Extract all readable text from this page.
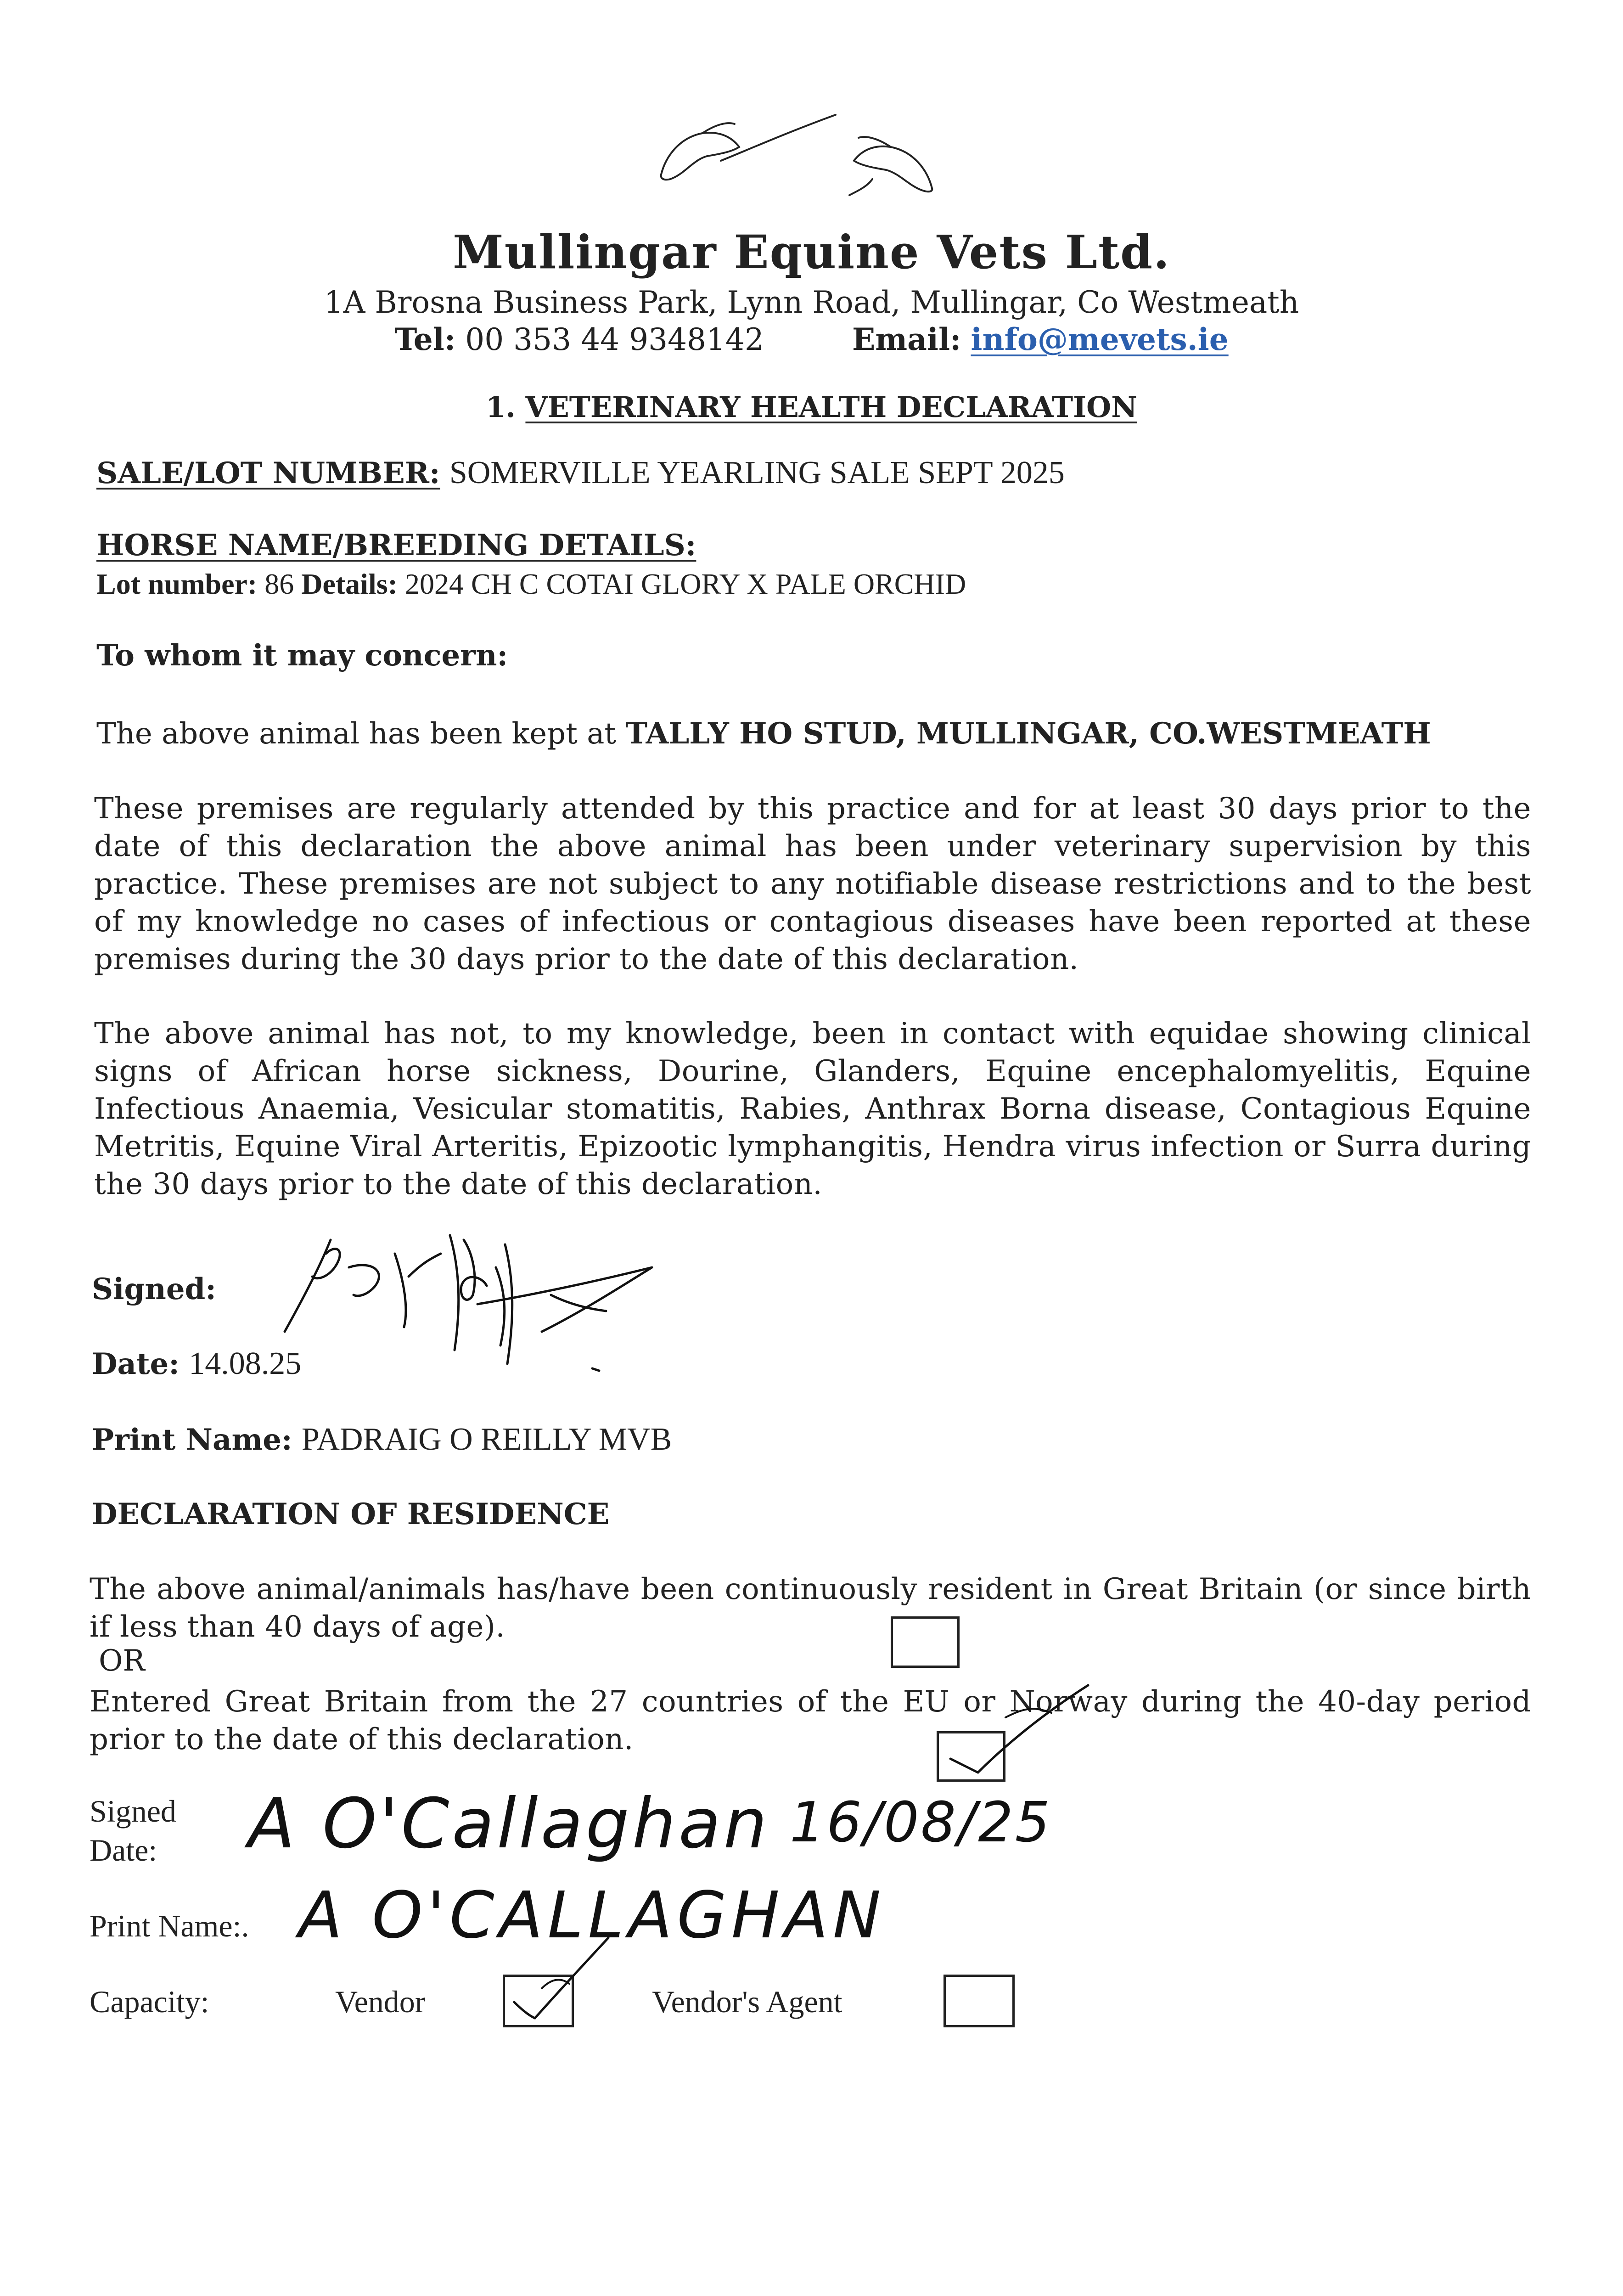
Mullingar Equine Vets Ltd.
1A Brosna Business Park, Lynn Road, Mullingar, Co Westmeath
Tel: 00 353 44 9348142	Email: info@mevets.ie
1. VETERINARY HEALTH DECLARATION
SALE/LOT NUMBER: SOMERVILLE YEARLING SALE SEPT 2025
HORSE NAME/BREEDING DETAILS:
Lot number: 86 Details: 2024 CH C COTAI GLORY X PALE ORCHID
To whom it may concern:
The above animal has been kept at TALLY HO STUD, MULLINGAR, CO.WESTMEATH
These premises are regularly attended by this practice and for at least 30 days prior to the date of this declaration the above animal has been under veterinary supervision by this practice. These premises are not subject to any notifiable disease restrictions and to the best of my knowledge no cases of infectious or contagious diseases have been reported at these premises during the 30 days prior to the date of this declaration.
The above animal has not, to my knowledge, been in contact with equidae showing clinical signs of African horse sickness, Dourine, Glanders, Equine encephalomyelitis, Equine Infectious Anaemia, Vesicular stomatitis, Rabies, Anthrax Borna disease, Contagious Equine Metritis, Equine Viral Arteritis, Epizootic lymphangitis, Hendra virus infection or Surra during the 30 days prior to the date of this declaration.
Signed:
Date: 14.08.25
Print Name: PADRAIG O REILLY MVB
DECLARATION OF RESIDENCE
The above animal/animals has/have been continuously resident in Great Britain (or since birth if less than 40 days of age).
OR
Entered Great Britain from the 27 countries of the EU or Norway during the 40-day period prior to the date of this declaration.
Signed
Date: A O'Callaghan 16/08/25
Print Name:. A O'CALLAGHAN
Capacity:	Vendor	Vendor's Agent
